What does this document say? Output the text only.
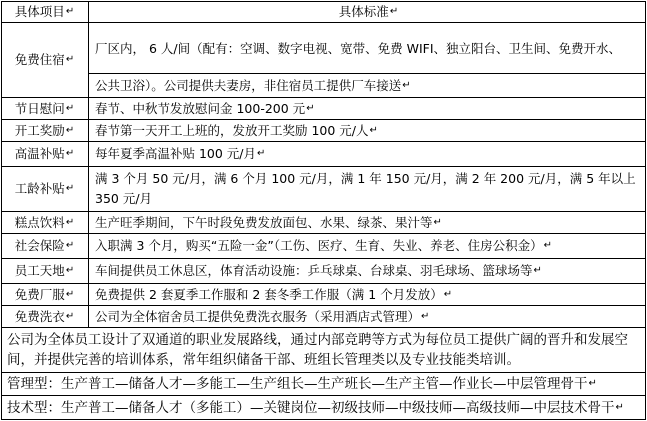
具体项目 ↵	具体标准 ↵
免费住宿 ↵
厂区内， 6 人/间（配有：空调、数字电视、宽带、免费 WIFI、独立阳台、卫生间、免费开水、
公共卫浴）。公司提供夫妻房，非住宿员工提供厂车接送 ↵
节日慰问 ↵ 春节、中秋节发放慰问金 100-200 元 ↵
开工奖励 ↵ 春节第一天开工上班的，发放开工奖励 100 元/人 ↵
高温补贴 ↵ 每年夏季高温补贴 100 元/月 ↵
工龄补贴 ↵
满 3 个月 50 元/月，满 6 个月 100 元/月，满 1 年 150 元/月，满 2 年 200 元/月，满 5 年以上 350 元/月
糕点饮料 ↵ 生产旺季期间，下午时段免费发放面包、水果、绿茶、果汁等 ↵
社会保险 ↵ 入职满 3 个月，购买“五险一金”（工伤、医疗、生育、失业、养老、住房公积金） ↵
员工天地 ↵ 车间提供员工休息区，体育活动设施：乒乓球桌、台球桌、羽毛球场、篮球场等 ↵
免费厂服 ↵ 免费提供 2 套夏季工作服和 2 套冬季工作服（满 1 个月发放） ↵
免费洗衣 ↵ 公司为全体宿舍员工提供免费洗衣服务（采用酒店式管理） ↵
公司为全体员工设计了双通道的职业发展路线，通过内部竞聘等方式为每位员工提供广阔的晋升和发展空间，并提供完善的培训体系，常年组织储备干部、班组长管理类以及专业技能类培训。
管理型：生产普工—储备人才—多能工—生产组长—生产班长—生产主管—作业长—中层管理骨干 ↵
技术型：生产普工—储备人才（多能工）—关键岗位—初级技师—中级技师—高级技师—中层技术骨干 ↵
